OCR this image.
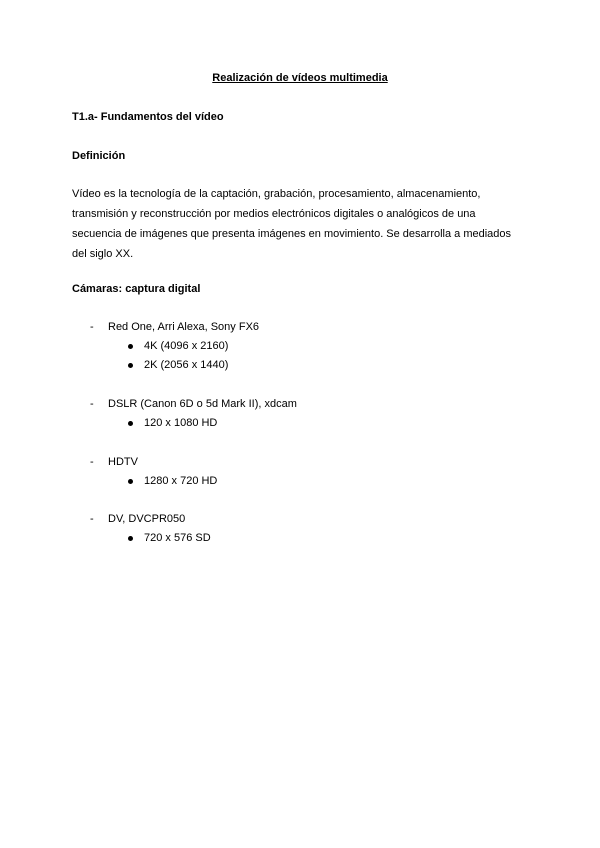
Realización de vídeos multimedia
T1.a- Fundamentos del vídeo
Definición
Vídeo es la tecnología de la captación, grabación, procesamiento, almacenamiento,
transmisión y reconstrucción por medios electrónicos digitales o analógicos de una
secuencia de imágenes que presenta imágenes en movimiento. Se desarrolla a mediados
del siglo XX.
Cámaras: captura digital
- Red One, Arri Alexa, Sony FX6
4K (4096 x 2160)
2K (2056 x 1440)
- DSLR (Canon 6D o 5d Mark II), xdcam
120 x 1080 HD
- HDTV
1280 x 720 HD
- DV, DVCPR050
720 x 576 SD
